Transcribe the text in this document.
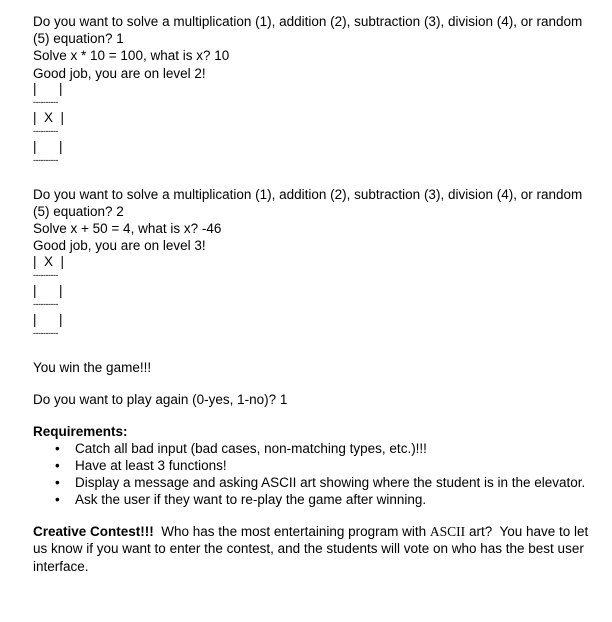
Do you want to solve a multiplication (1), addition (2), subtraction (3), division (4), or random (5) equation? 1

Solve x * 10 = 100, what is x? 10

Good job, you are on level 2!

|      |
----------
|  X  |
----------
|      |
----------

Do you want to solve a multiplication (1), addition (2), subtraction (3), division (4), or random (5) equation? 2

Solve x + 50 = 4, what is x? -46

Good job, you are on level 3!

|  X  |
----------
|      |
----------
|      |
----------

You win the game!!!

Do you want to play again (0-yes, 1-no)? 1

Requirements:

• Catch all bad input (bad cases, non-matching types, etc.)!!!
• Have at least 3 functions!
• Display a message and asking ASCII art showing where the student is in the elevator.
• Ask the user if they want to re-play the game after winning.

Creative Contest!!!  Who has the most entertaining program with ASCII art?  You have to let us know if you want to enter the contest, and the students will vote on who has the best user interface.
